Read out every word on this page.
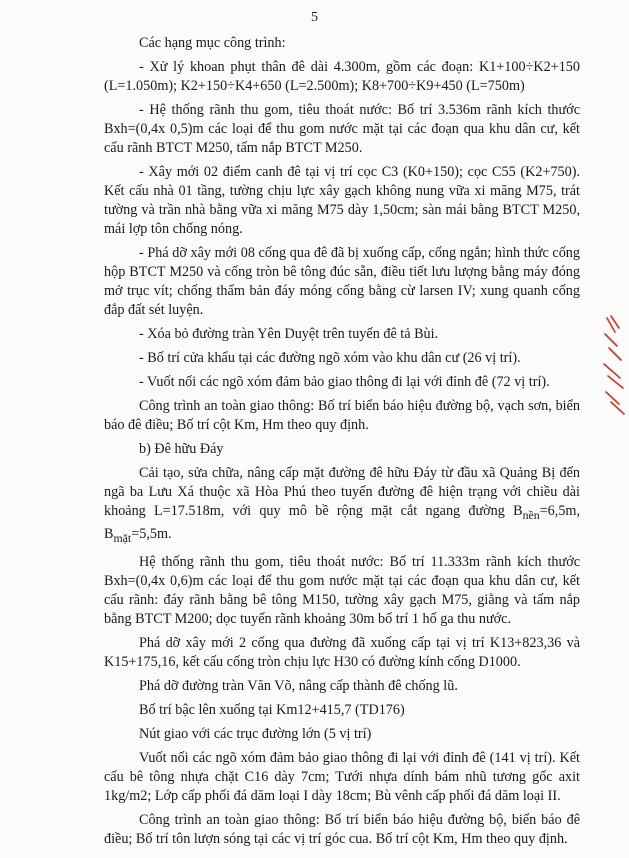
5

Các hạng mục công trình:

- Xử lý khoan phụt thân đê dài 4.300m, gồm các đoạn: K1+100÷K2+150 (L=1.050m); K2+150÷K4+650 (L=2.500m); K8+700÷K9+450 (L=750m)

- Hệ thống rãnh thu gom, tiêu thoát nước: Bố trí 3.536m rãnh kích thước Bxh=(0,4x 0,5)m các loại để thu gom nước mặt tại các đoạn qua khu dân cư, kết cấu rãnh BTCT M250, tấm nắp BTCT M250.

- Xây mới 02 điểm canh đê tại vị trí cọc C3 (K0+150); cọc C55 (K2+750). Kết cấu nhà 01 tầng, tường chịu lực xây gạch không nung vữa xi măng M75, trát tường và trần nhà bằng vữa xi măng M75 dày 1,50cm; sàn mái bằng BTCT M250, mái lợp tôn chống nóng.

- Phá dỡ xây mới 08 cống qua đê đã bị xuống cấp, cống ngắn; hình thức cống hộp BTCT M250 và cống tròn bê tông đúc sẵn, điều tiết lưu lượng bằng máy đóng mở trục vít; chống thấm bản đáy móng cống bằng cừ larsen IV; xung quanh cống đắp đất sét luyện.

- Xóa bỏ đường tràn Yên Duyệt trên tuyến đê tả Bùi.

- Bố trí cửa khẩu tại các đường ngõ xóm vào khu dân cư (26 vị trí).

- Vuốt nối các ngõ xóm đảm bảo giao thông đi lại với đỉnh đê (72 vị trí).

Công trình an toàn giao thông: Bố trí biển báo hiệu đường bộ, vạch sơn, biển báo đê điều; Bố trí cột Km, Hm theo quy định.

b) Đê hữu Đáy

Cải tạo, sửa chữa, nâng cấp mặt đường đê hữu Đáy từ đầu xã Quảng Bị đến ngã ba Lưu Xá thuộc xã Hòa Phú theo tuyến đường đê hiện trạng với chiều dài khoảng L=17.518m, với quy mô bề rộng mặt cắt ngang đường $B_{nền}=6,5m$, $B_{mặt}=5,5m$.

Hệ thống rãnh thu gom, tiêu thoát nước: Bố trí 11.333m rãnh kích thước Bxh=(0,4x 0,6)m các loại để thu gom nước mặt tại các đoạn qua khu dân cư, kết cấu rãnh: đáy rãnh bằng bê tông M150, tường xây gạch M75, giằng và tấm nắp bằng BTCT M200; dọc tuyến rãnh khoảng 30m bố trí 1 hố ga thu nước.

Phá dỡ xây mới 2 cống qua đường đã xuống cấp tại vị trí K13+823,36 và K15+175,16, kết cấu cống tròn chịu lực H30 có đường kính cống D1000.

Phá dỡ đường tràn Văn Võ, nâng cấp thành đê chống lũ.

Bố trí bậc lên xuống tại Km12+415,7 (TD176)

Nút giao với các trục đường lớn (5 vị trí)

Vuốt nối các ngõ xóm đảm bảo giao thông đi lại với đỉnh đê (141 vị trí). Kết cấu bê tông nhựa chặt C16 dày 7cm; Tưới nhựa dính bám nhũ tương gốc axit 1kg/m2; Lớp cấp phối đá dăm loại I dày 18cm; Bù vênh cấp phối đá dăm loại II.

Công trình an toàn giao thông: Bố trí biển báo hiệu đường bộ, biển báo đê điều; Bố trí tôn lượn sóng tại các vị trí góc cua. Bố trí cột Km, Hm theo quy định.
